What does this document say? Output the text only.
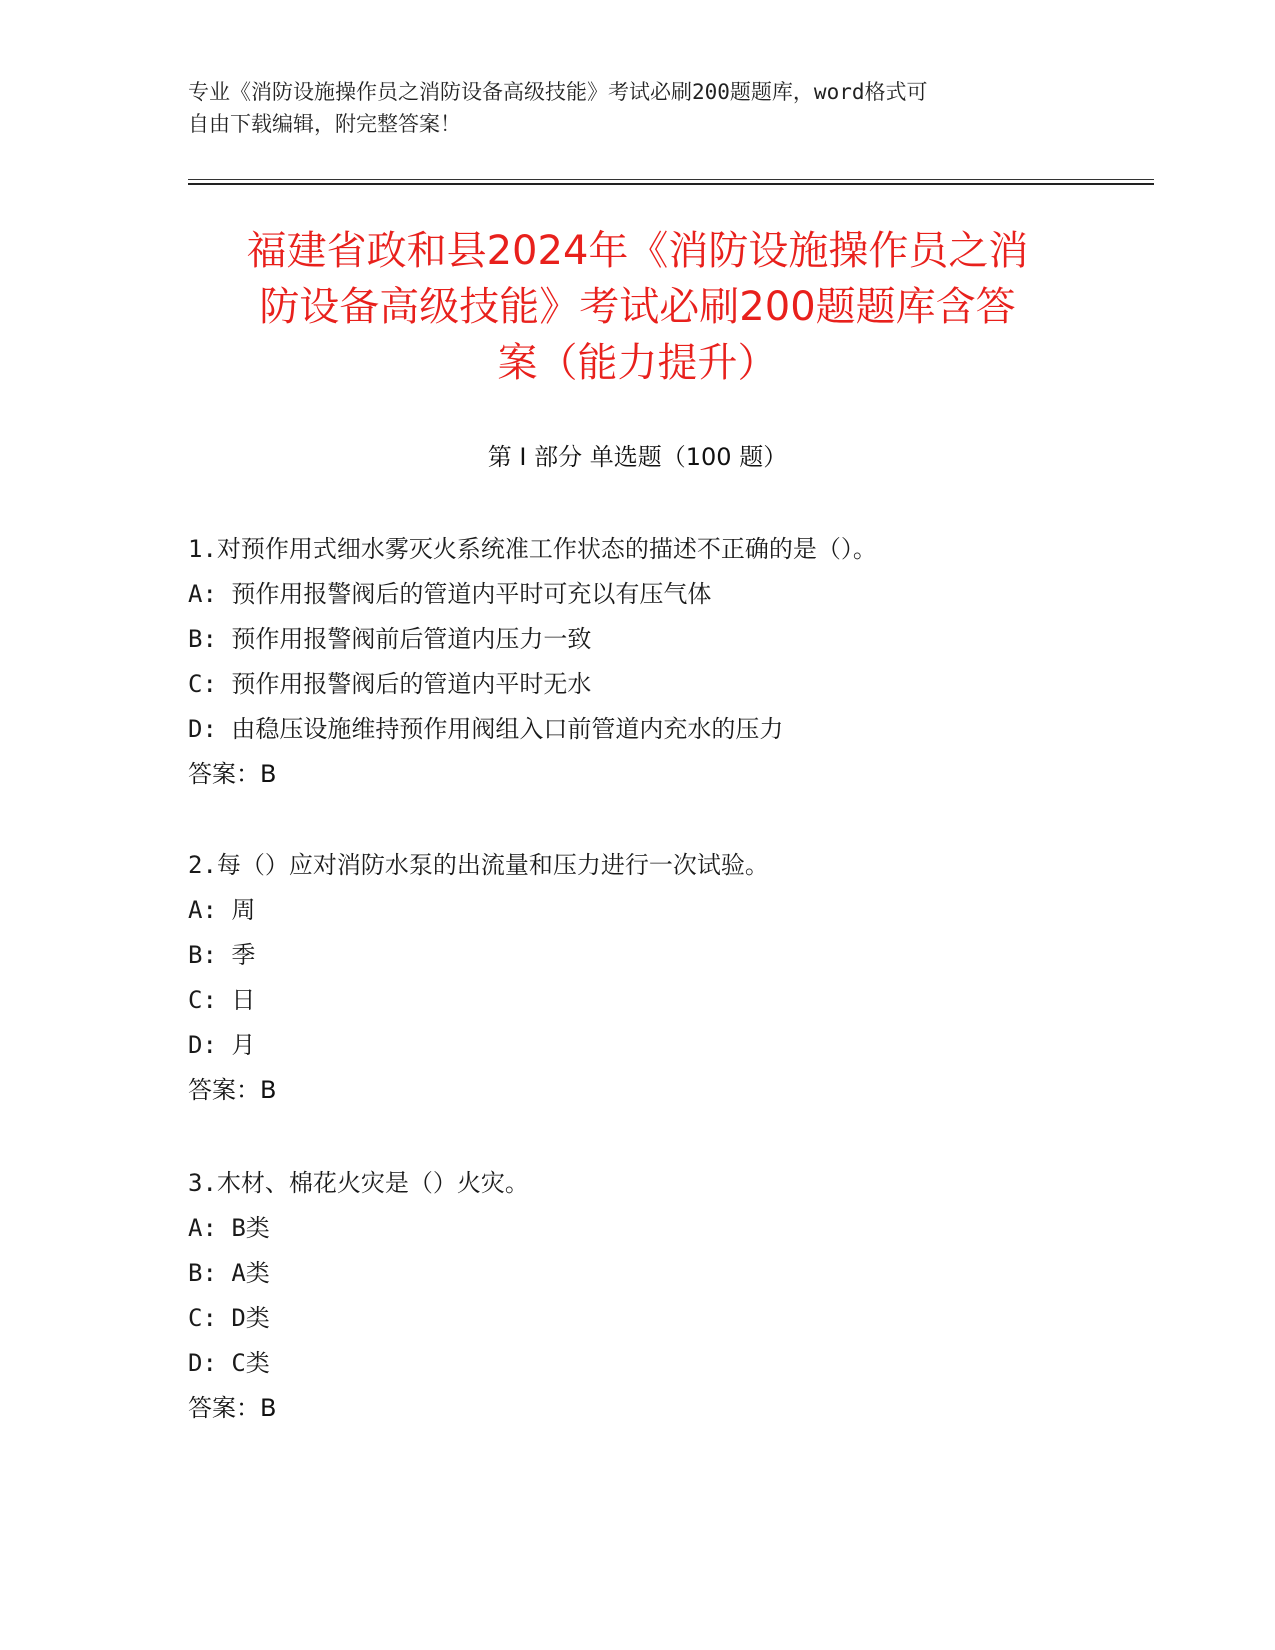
专业《消防设施操作员之消防设备高级技能》考试必刷200题题库，word格式可
自由下载编辑，附完整答案！
福建省政和县2024年《消防设施操作员之消
防设备高级技能》考试必刷200题题库含答
案（能力提升）
第 I 部分 单选题（100 题）
1.对预作用式细水雾灭火系统准工作状态的描述不正确的是（）。
A: 预作用报警阀后的管道内平时可充以有压气体
B: 预作用报警阀前后管道内压力一致
C: 预作用报警阀后的管道内平时无水
D: 由稳压设施维持预作用阀组入口前管道内充水的压力
答案：B
2.每（）应对消防水泵的出流量和压力进行一次试验。
A: 周
B: 季
C: 日
D: 月
答案：B
3.木材、棉花火灾是（）火灾。
A: B类
B: A类
C: D类
D: C类
答案：B
